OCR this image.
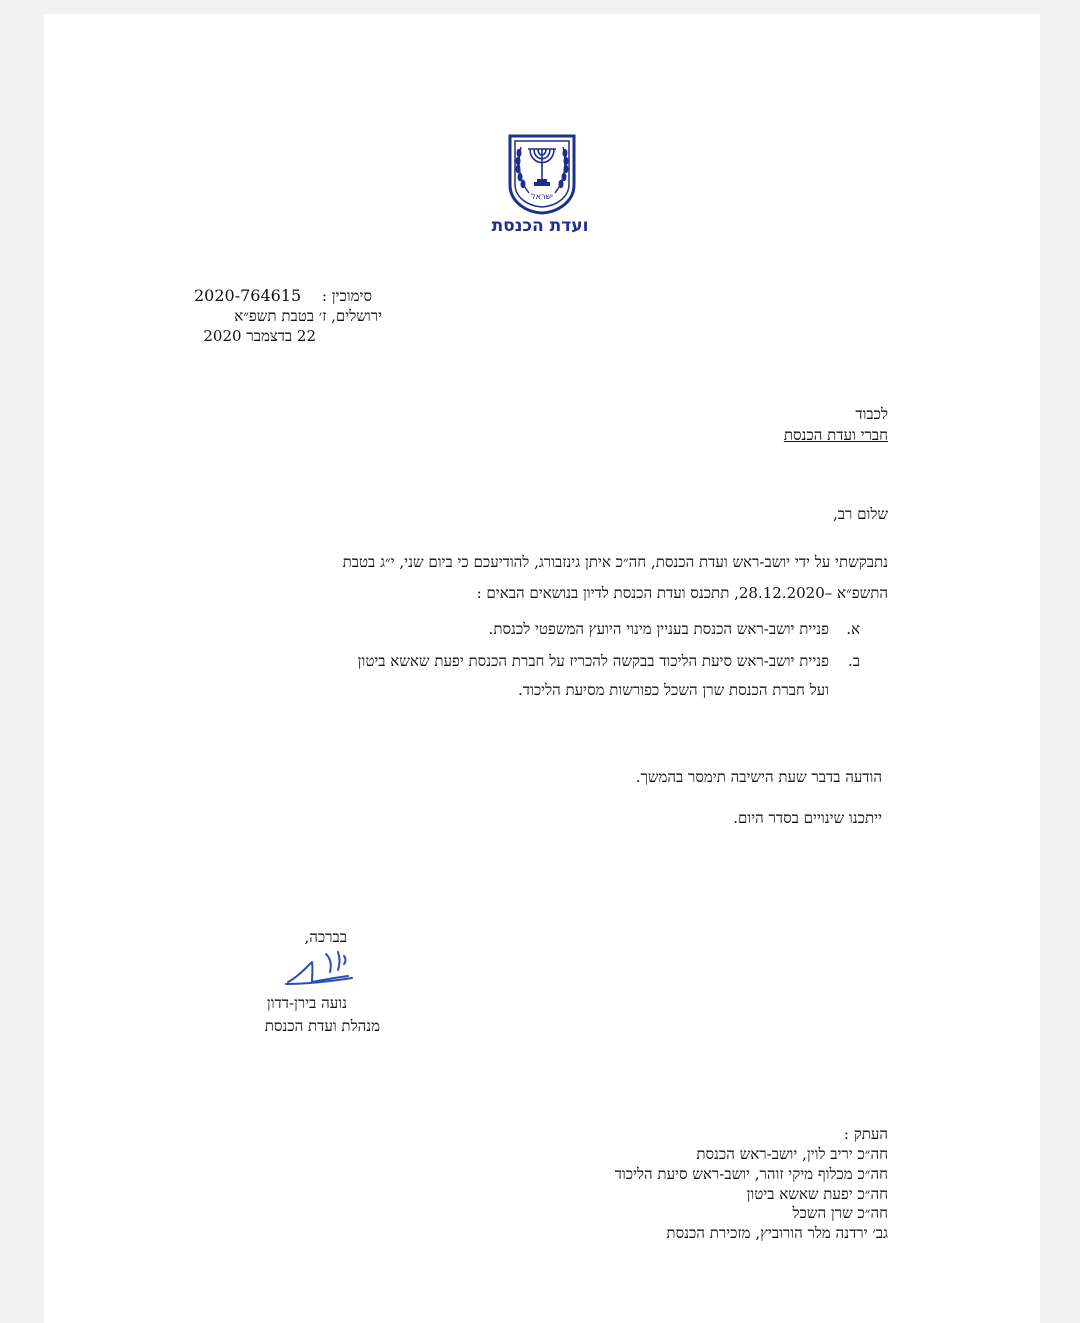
ישראל
ועדת הכנסת
סימוכין :
2020-764615
ירושלים, ז׳ בטבת תשפ״א
22 בדצמבר 2020
לכבוד
חברי ועדת הכנסת
שלום רב,
נתבקשתי על ידי יושב-ראש ועדת הכנסת, חה״כ איתן גינזבורג, להודיעכם כי ביום שני, י״ג בטבת
התשפ״א –28.12.2020, תתכנס ועדת הכנסת לדיון בנושאים הבאים :
א.
פניית יושב-ראש הכנסת בעניין מינוי היועץ המשפטי לכנסת.
ב.
פניית יושב-ראש סיעת הליכוד בבקשה להכריז על חברת הכנסת יפעת שאשא ביטון
ועל חברת הכנסת שרן השכל כפורשות מסיעת הליכוד.
הודעה בדבר שעת הישיבה תימסר בהמשך.
ייתכנו שינויים בסדר היום.
בברכה,
נועה בירן-דדון
מנהלת ועדת הכנסת
העתק :
חה״כ יריב לוין, יושב-ראש הכנסת
חה״כ מכלוף מיקי זוהר, יושב-ראש סיעת הליכוד
חה״כ יפעת שאשא ביטון
חה״כ שרן השכל
גב׳ ירדנה מלר הורוביץ, מזכירת הכנסת
